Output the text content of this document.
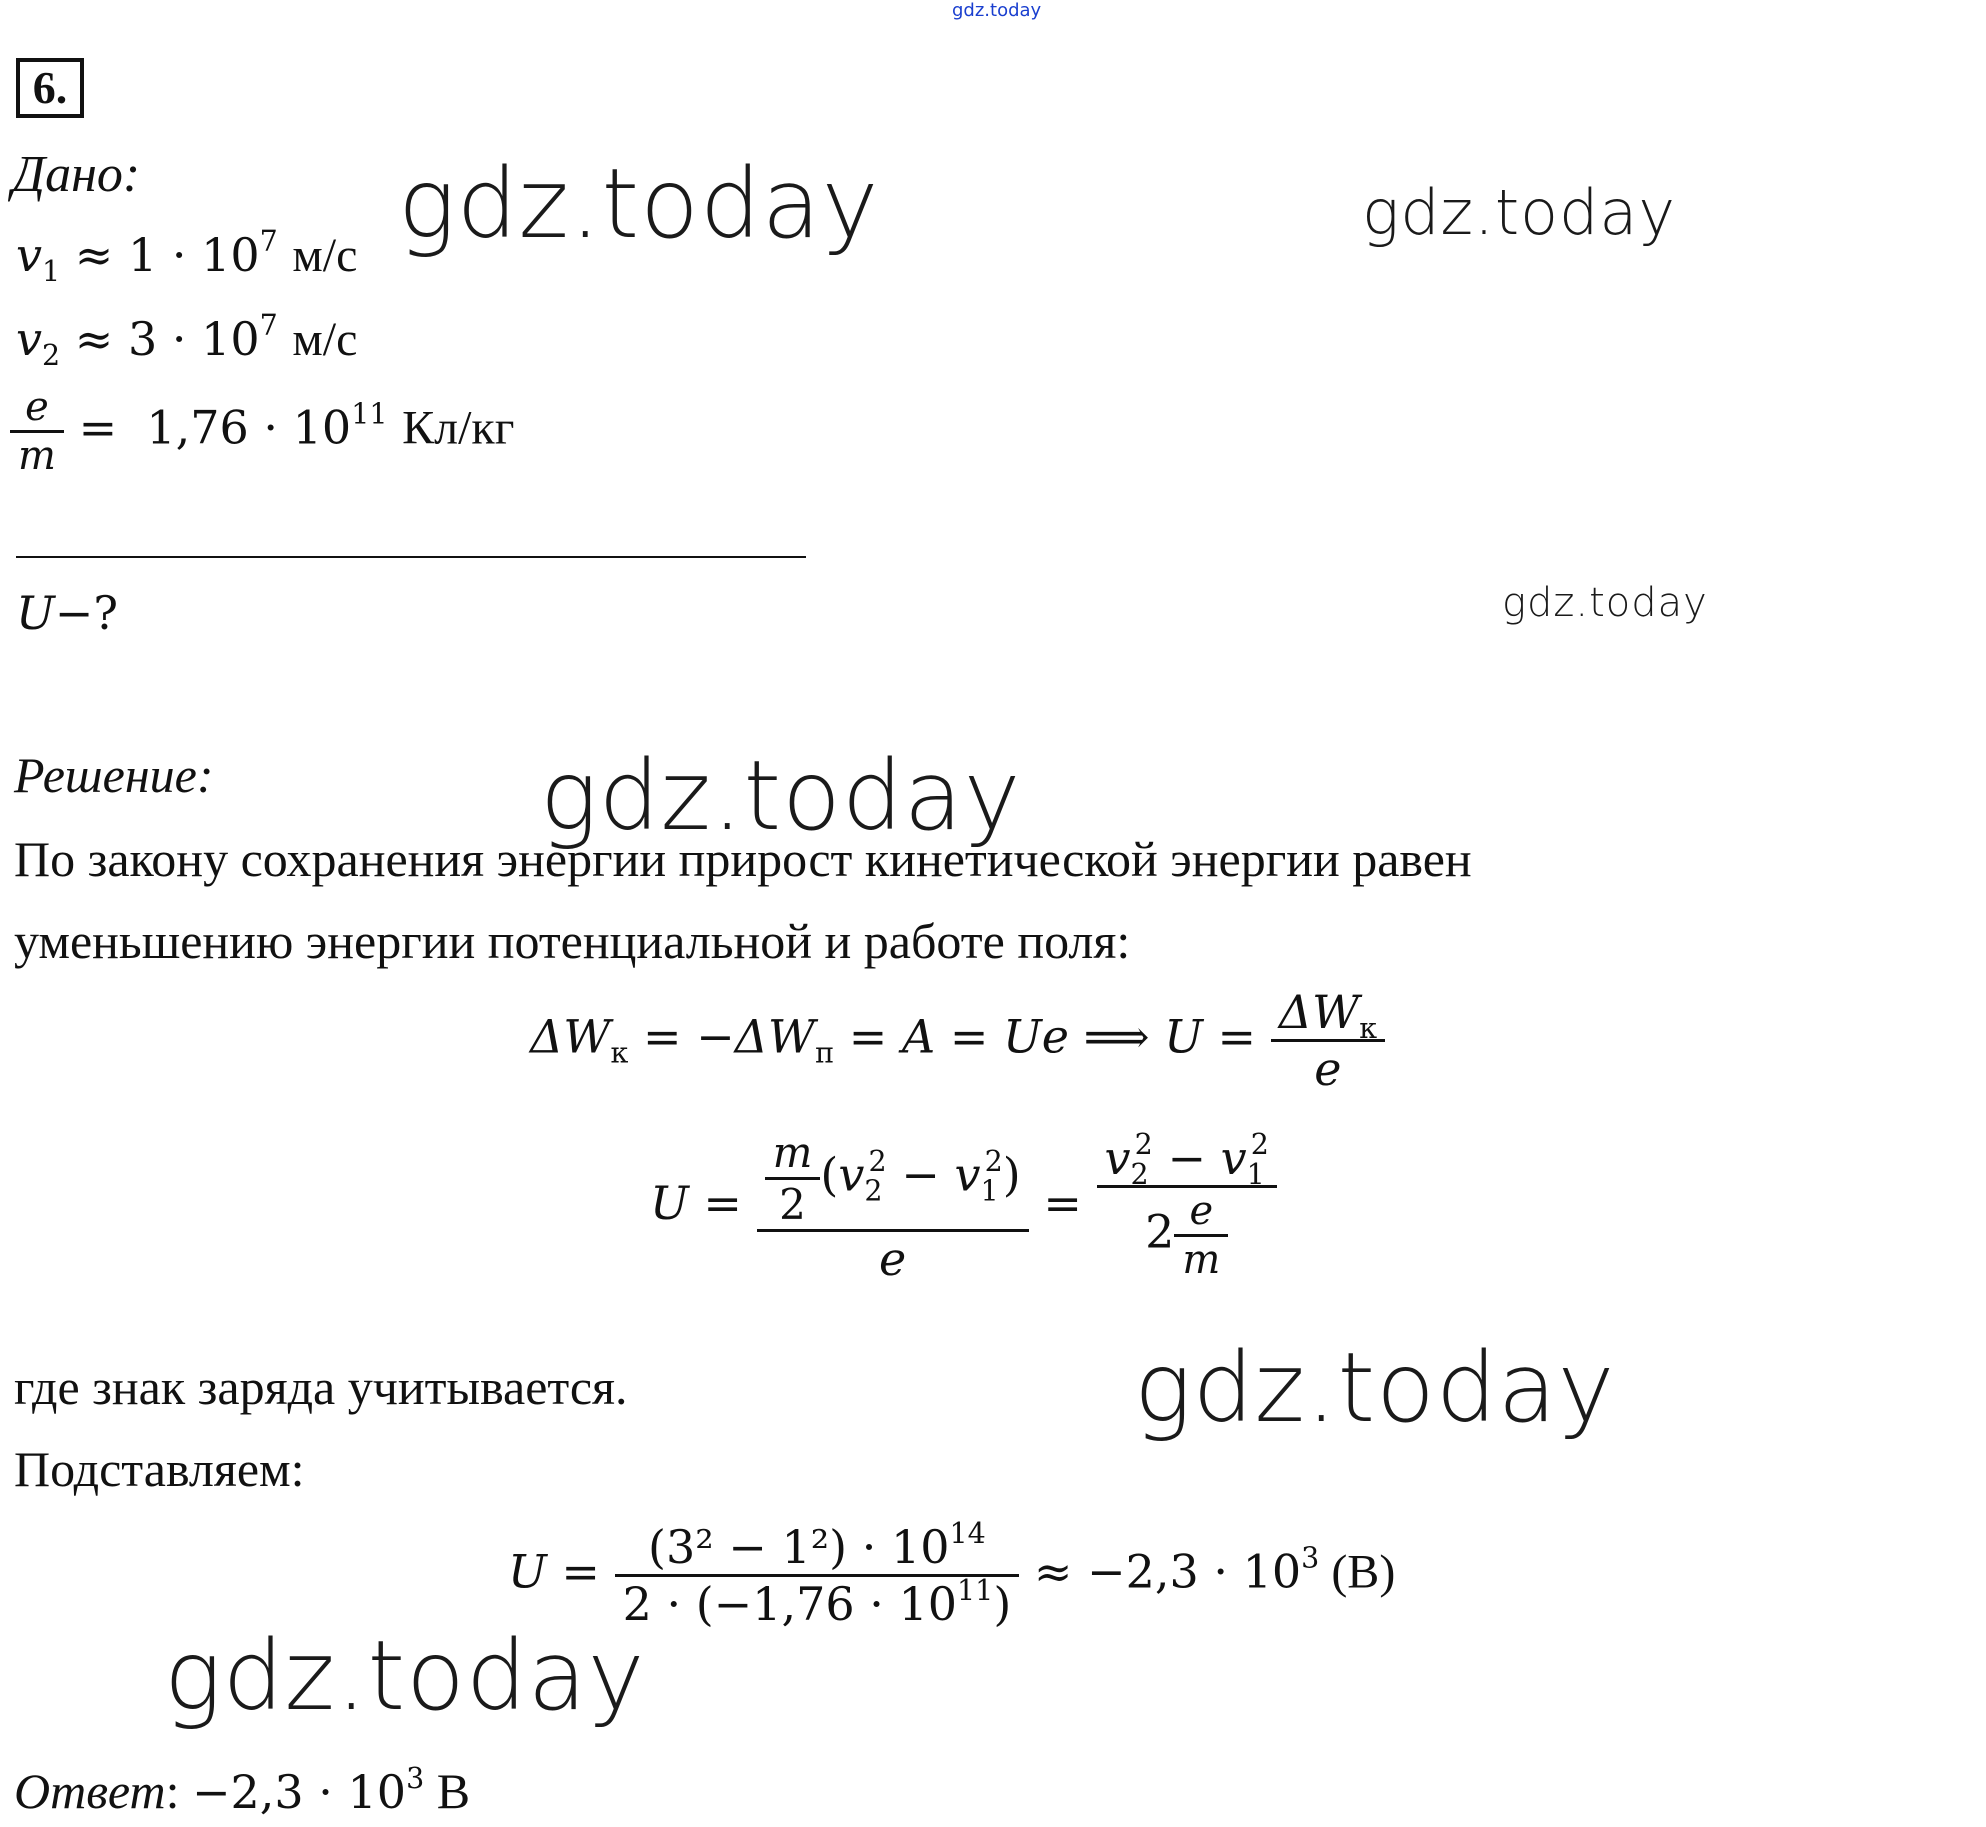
gdz.today
6.
Дано:
$v_1 \approx 1 \cdot 10^7$ м/с
$v_2 \approx 3 \cdot 10^7$ м/с
$\frac{e}{m} = 1,76 \cdot 10^{11}$ Кл/кг
U−?
Решение:
По закону сохранения энергии прирост кинетической энергии равен
уменьшению энергии потенциальной и работе поля:
$\Delta W_к = -\Delta W_п = A = Ue$ ⟹ $U = \frac{\Delta W_к}{e}$
$U = \frac{\frac{m}{2} (v_2^2 - v_1^2)}{e} = \frac{v_2^2 - v_1^2}{2 \frac{e}{m}}$
где знак заряда учитывается.
Подставляем:
$U = \frac{(3^2 - 1^2) \cdot 10^{14}}{2 \cdot (-1,76 \cdot 10^{11})} \approx -2,3 \cdot 10^3$ (В)
Ответ: $-2,3 \cdot 10^3$ В
gdz.today	gdz.today
gdz.today
gdz.today
gdz.today
gdz.today
